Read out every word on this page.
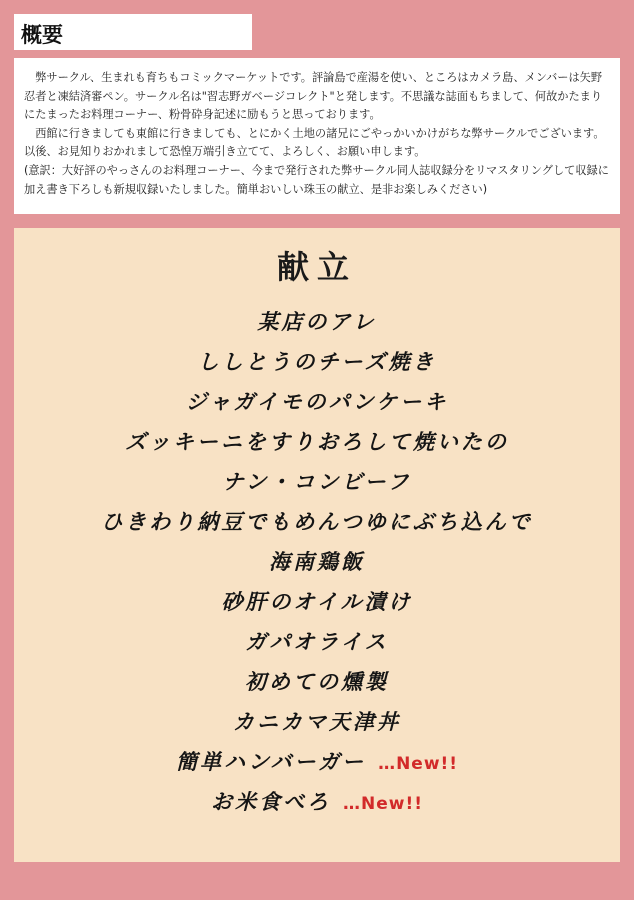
概要

　弊サークル、生まれも育ちもコミックマーケットです。評論島で産湯を使い、ところはカメラ島、メンバーは矢野忍者と凍結済審ペン。サークル名は"習志野ガベージコレクト"と発します。不思議な誌面もちまして、何故かたまりにたまったお料理コーナー、粉骨砕身記述に励もうと思っております。

　西館に行きましても東館に行きましても、とにかく土地の諸兄にごやっかいかけがちな弊サークルでございます。以後、お見知りおかれまして恐惶万端引き立てて、よろしく、お願い申します。

(意訳：大好評のやっさんのお料理コーナー、今まで発行された弊サークル同人誌収録分をリマスタリングして収録に加え書き下ろしも新規収録いたしました。簡単おいしい珠玉の献立、是非お楽しみください)

献立
某店のアレ
ししとうのチーズ焼き
ジャガイモのパンケーキ
ズッキーニをすりおろして焼いたの
ナン・コンビーフ
ひきわり納豆でもめんつゆにぶち込んで
海南鶏飯
砂肝のオイル漬け
ガパオライス
初めての燻製
カニカマ天津丼
簡単ハンバーガー …New!!
お米食べろ …New!!
